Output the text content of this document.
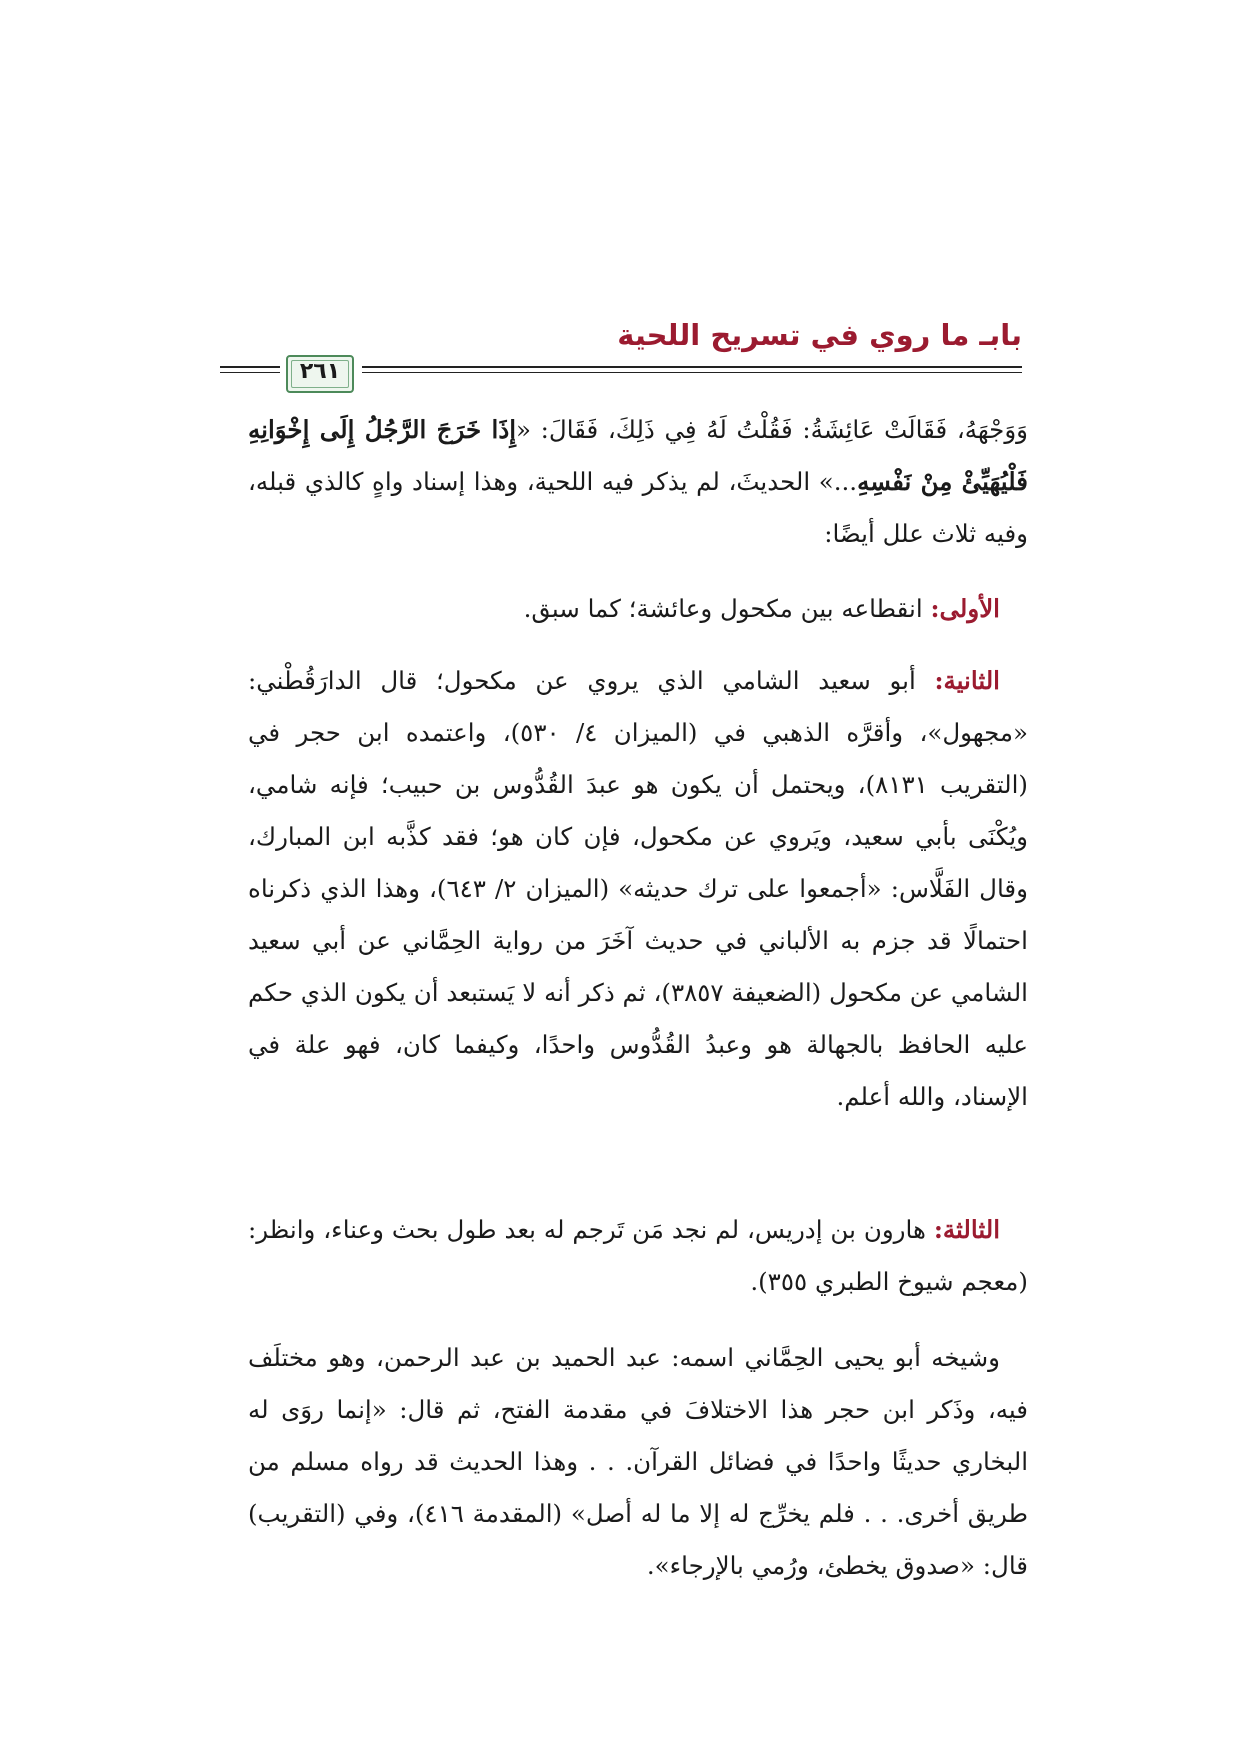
بابـ ما روي في تسريح اللحية
٢٦١

وَوَجْهَهُ، فَقَالَتْ عَائِشَةُ: فَقُلْتُ لَهُ فِي ذَلِكَ، فَقَالَ: «إِذَا خَرَجَ الرَّجُلُ إِلَى إِخْوَانِهِ فَلْيُهَيِّئْ مِنْ نَفْسِهِ...» الحديثَ، لم يذكر فيه اللحية، وهذا إسناد واهٍ كالذي قبله، وفيه ثلاث علل أيضًا:

الأولى: انقطاعه بين مكحول وعائشة؛ كما سبق.

الثانية: أبو سعيد الشامي الذي يروي عن مكحول؛ قال الدارَقُطْني: «مجهول»، وأقرَّه الذهبي في (الميزان ٤/ ٥٣٠)، واعتمده ابن حجر في (التقريب ٨١٣١)، ويحتمل أن يكون هو عبدَ القُدُّوس بن حبيب؛ فإنه شامي، ويُكْنَى بأبي سعيد، ويَروي عن مكحول، فإن كان هو؛ فقد كذَّبه ابن المبارك، وقال الفَلَّاس: «أجمعوا على ترك حديثه» (الميزان ٢/ ٦٤٣)، وهذا الذي ذكرناه احتمالًا قد جزم به الألباني في حديث آخَرَ من رواية الحِمَّاني عن أبي سعيد الشامي عن مكحول (الضعيفة ٣٨٥٧)، ثم ذكر أنه لا يَستبعد أن يكون الذي حكم عليه الحافظ بالجهالة هو وعبدُ القُدُّوس واحدًا، وكيفما كان، فهو علة في الإسناد، والله أعلم.

الثالثة: هارون بن إدريس، لم نجد مَن تَرجم له بعد طول بحث وعناء، وانظر: (معجم شيوخ الطبري ٣٥٥).

وشيخه أبو يحيى الحِمَّاني اسمه: عبد الحميد بن عبد الرحمن، وهو مختلَف فيه، وذَكر ابن حجر هذا الاختلافَ في مقدمة الفتح، ثم قال: «إنما روَى له البخاري حديثًا واحدًا في فضائل القرآن. . . وهذا الحديث قد رواه مسلم من طريق أخرى. . . فلم يخرِّج له إلا ما له أصل» (المقدمة ٤١٦)، وفي (التقريب) قال: «صدوق يخطئ، ورُمي بالإرجاء».
